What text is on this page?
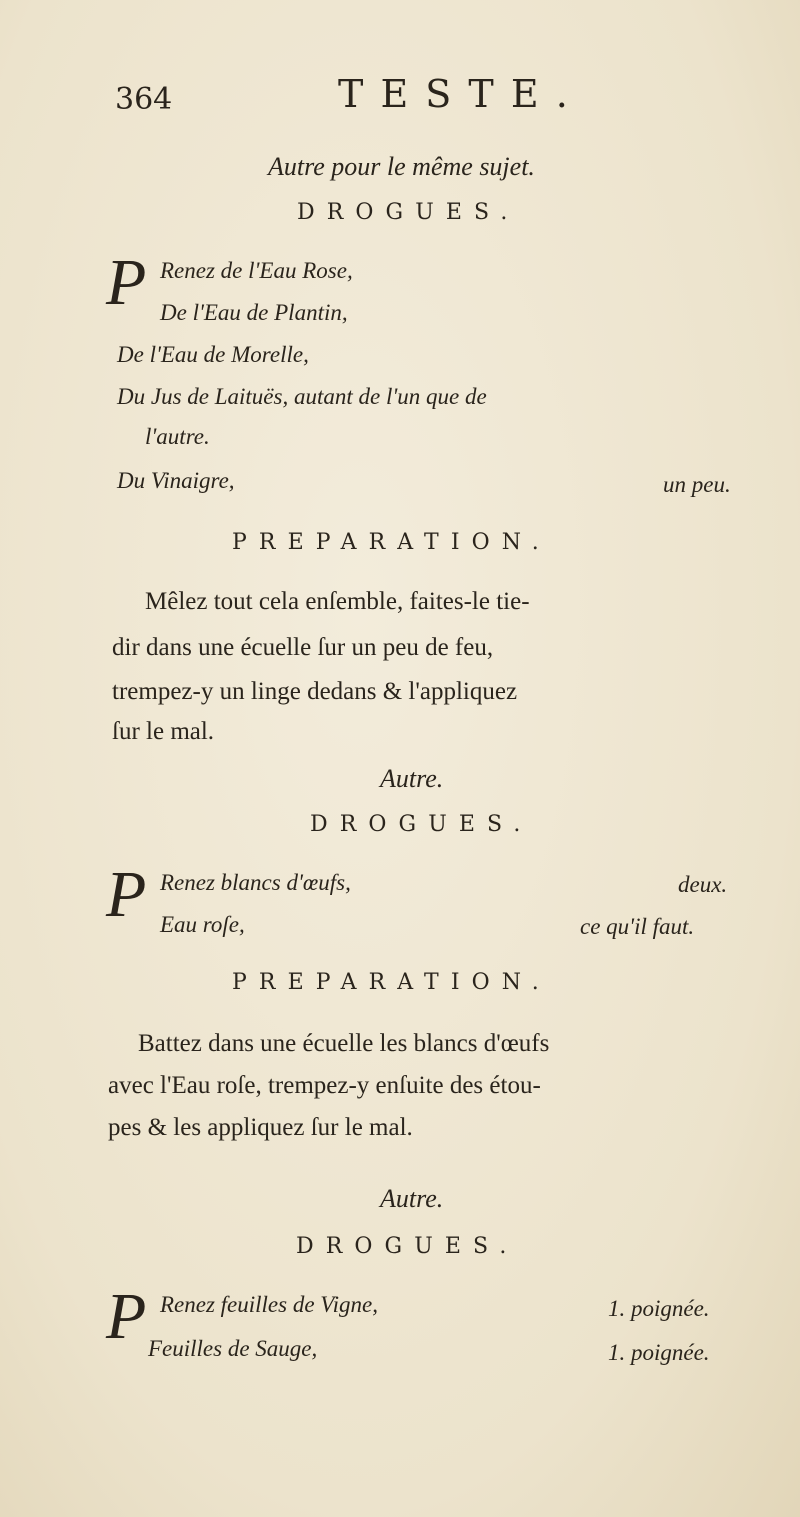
364	TESTE.
Autre pour le même sujet.
DROGUES.
P Renez de l'Eau Rose,
De l'Eau de Plantin,
De l'Eau de Morelle,
Du Jus de Laituës, autant de l'un que de
l'autre.
Du Vinaigre,	un peu.
PREPARATION.
Mêlez tout cela enſemble, faites-le tie-
dir dans une écuelle ſur un peu de feu,
trempez-y un linge dedans & l'appliquez
ſur le mal.
Autre.
DROGUES.
P Renez blancs d'œufs,	deux.
Eau roſe,	ce qu'il faut.
PREPARATION.
Battez dans une écuelle les blancs d'œufs
avec l'Eau roſe, trempez-y enſuite des étou-
pes & les appliquez ſur le mal.
Autre.
DROGUES.
P Renez feuilles de Vigne,	1. poignée.
Feuilles de Sauge,	1. poignée.
